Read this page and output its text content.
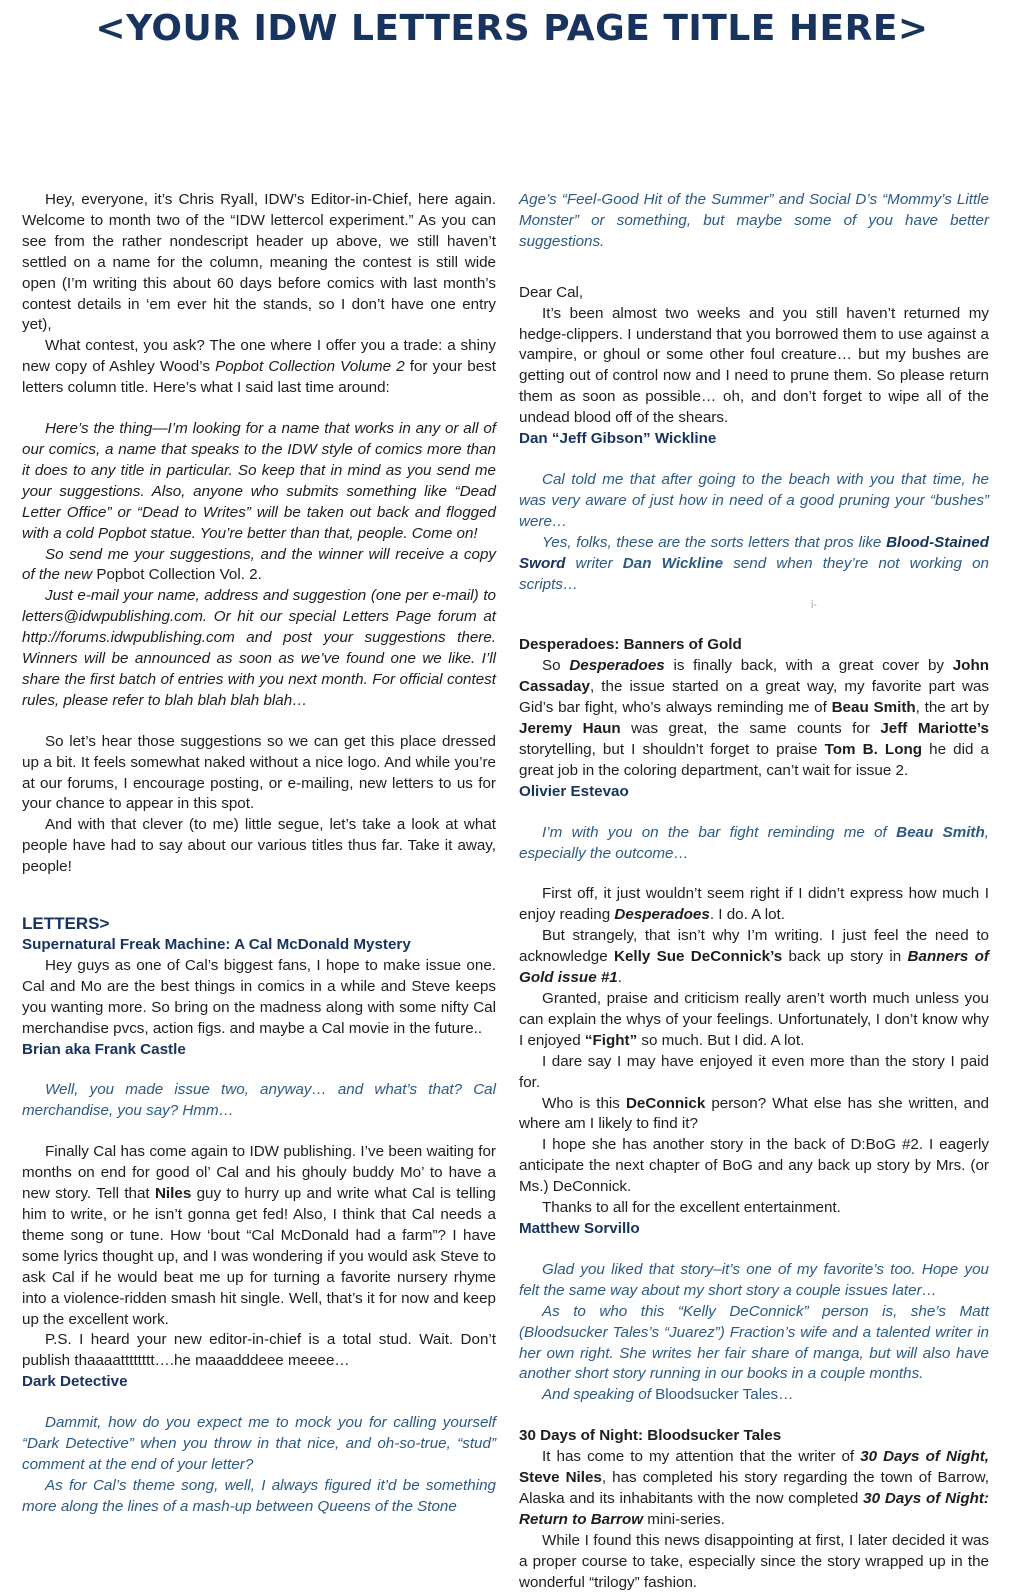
<YOUR IDW LETTERS PAGE TITLE HERE>

Hey, everyone, it’s Chris Ryall, IDW’s Editor-in-Chief, here again. Welcome to month two of the “IDW lettercol experiment.” As you can see from the rather nondescript header up above, we still haven’t settled on a name for the column, meaning the contest is still wide open (I’m writing this about 60 days before comics with last month’s contest details in ‘em ever hit the stands, so I don’t have one entry yet),

What contest, you ask? The one where I offer you a trade: a shiny new copy of Ashley Wood’s Popbot Collection Volume 2 for your best letters column title. Here’s what I said last time around:

Here’s the thing—I’m looking for a name that works in any or all of our comics, a name that speaks to the IDW style of comics more than it does to any title in particular. So keep that in mind as you send me your suggestions. Also, anyone who submits something like “Dead Letter Office” or “Dead to Writes” will be taken out back and flogged with a cold Popbot statue. You’re better than that, people. Come on!

So send me your suggestions, and the winner will receive a copy of the new Popbot Collection Vol. 2.

Just e-mail your name, address and suggestion (one per e-mail) to letters@idwpublishing.com. Or hit our special Letters Page forum at http://forums.idwpublishing.com and post your suggestions there. Winners will be announced as soon as we’ve found one we like. I’ll share the first batch of entries with you next month. For official contest rules, please refer to blah blah blah blah…

So let’s hear those suggestions so we can get this place dressed up a bit. It feels somewhat naked without a nice logo. And while you’re at our forums, I encourage posting, or e-mailing, new letters to us for your chance to appear in this spot.

And with that clever (to me) little segue, let’s take a look at what people have had to say about our various titles thus far. Take it away, people!

LETTERS>
Supernatural Freak Machine: A Cal McDonald Mystery

Hey guys as one of Cal’s biggest fans, I hope to make issue one. Cal and Mo are the best things in comics in a while and Steve keeps you wanting more. So bring on the madness along with some nifty Cal merchandise pvcs, action figs. and maybe a Cal movie in the future..

Brian aka Frank Castle

Well, you made issue two, anyway… and what’s that? Cal merchandise, you say? Hmm…

Finally Cal has come again to IDW publishing. I’ve been waiting for months on end for good ol’ Cal and his ghouly buddy Mo’ to have a new story. Tell that Niles guy to hurry up and write what Cal is telling him to write, or he isn’t gonna get fed! Also, I think that Cal needs a theme song or tune. How ‘bout “Cal McDonald had a farm”? I have some lyrics thought up, and I was wondering if you would ask Steve to ask Cal if he would beat me up for turning a favorite nursery rhyme into a violence-ridden smash hit single. Well, that’s it for now and keep up the excellent work.

P.S. I heard your new editor-in-chief is a total stud. Wait. Don’t publish thaaaatttttttt….he maaadddeee meeee…

Dark Detective

Dammit, how do you expect me to mock you for calling yourself “Dark Detective” when you throw in that nice, and oh-so-true, “stud” comment at the end of your letter?

As for Cal’s theme song, well, I always figured it’d be something more along the lines of a mash-up between Queens of the Stone

Age’s “Feel-Good Hit of the Summer” and Social D’s “Mommy’s Little Monster” or something, but maybe some of you have better suggestions.

Dear Cal,

It’s been almost two weeks and you still haven’t returned my hedge-clippers. I understand that you borrowed them to use against a vampire, or ghoul or some other foul creature… but my bushes are getting out of control now and I need to prune them. So please return them as soon as possible… oh, and don’t forget to wipe all of the undead blood off of the shears.

Dan “Jeff Gibson” Wickline

Cal told me that after going to the beach with you that time, he was very aware of just how in need of a good pruning your “bushes” were…

Yes, folks, these are the sorts letters that pros like Blood-Stained Sword writer Dan Wickline send when they’re not working on scripts…

i-
Desperadoes: Banners of Gold

So Desperadoes is finally back, with a great cover by John Cassaday, the issue started on a great way, my favorite part was Gid’s bar fight, who’s always reminding me of Beau Smith, the art by Jeremy Haun was great, the same counts for Jeff Mariotte’s storytelling, but I shouldn’t forget to praise Tom B. Long he did a great job in the coloring department, can’t wait for issue 2.

Olivier Estevao

I’m with you on the bar fight reminding me of Beau Smith, especially the outcome…

First off, it just wouldn’t seem right if I didn’t express how much I enjoy reading Desperadoes. I do. A lot.

But strangely, that isn’t why I’m writing. I just feel the need to acknowledge Kelly Sue DeConnick’s back up story in Banners of Gold issue #1.

Granted, praise and criticism really aren’t worth much unless you can explain the whys of your feelings. Unfortunately, I don’t know why I enjoyed “Fight” so much. But I did. A lot.

I dare say I may have enjoyed it even more than the story I paid for.

Who is this DeConnick person? What else has she written, and where am I likely to find it?

I hope she has another story in the back of D:BoG #2. I eagerly anticipate the next chapter of BoG and any back up story by Mrs. (or Ms.) DeConnick.

Thanks to all for the excellent entertainment.

Matthew Sorvillo

Glad you liked that story–it’s one of my favorite’s too. Hope you felt the same way about my short story a couple issues later…

As to who this “Kelly DeConnick” person is, she’s Matt (Bloodsucker Tales’s “Juarez”) Fraction’s wife and a talented writer in her own right. She writes her fair share of manga, but will also have another short story running in our books in a couple months.

And speaking of Bloodsucker Tales…

30 Days of Night: Bloodsucker Tales

It has come to my attention that the writer of 30 Days of Night, Steve Niles, has completed his story regarding the town of Barrow, Alaska and its inhabitants with the now completed 30 Days of Night: Return to Barrow mini-series.

While I found this news disappointing at first, I later decided it was a proper course to take, especially since the story wrapped up in the wonderful “trilogy” fashion.
